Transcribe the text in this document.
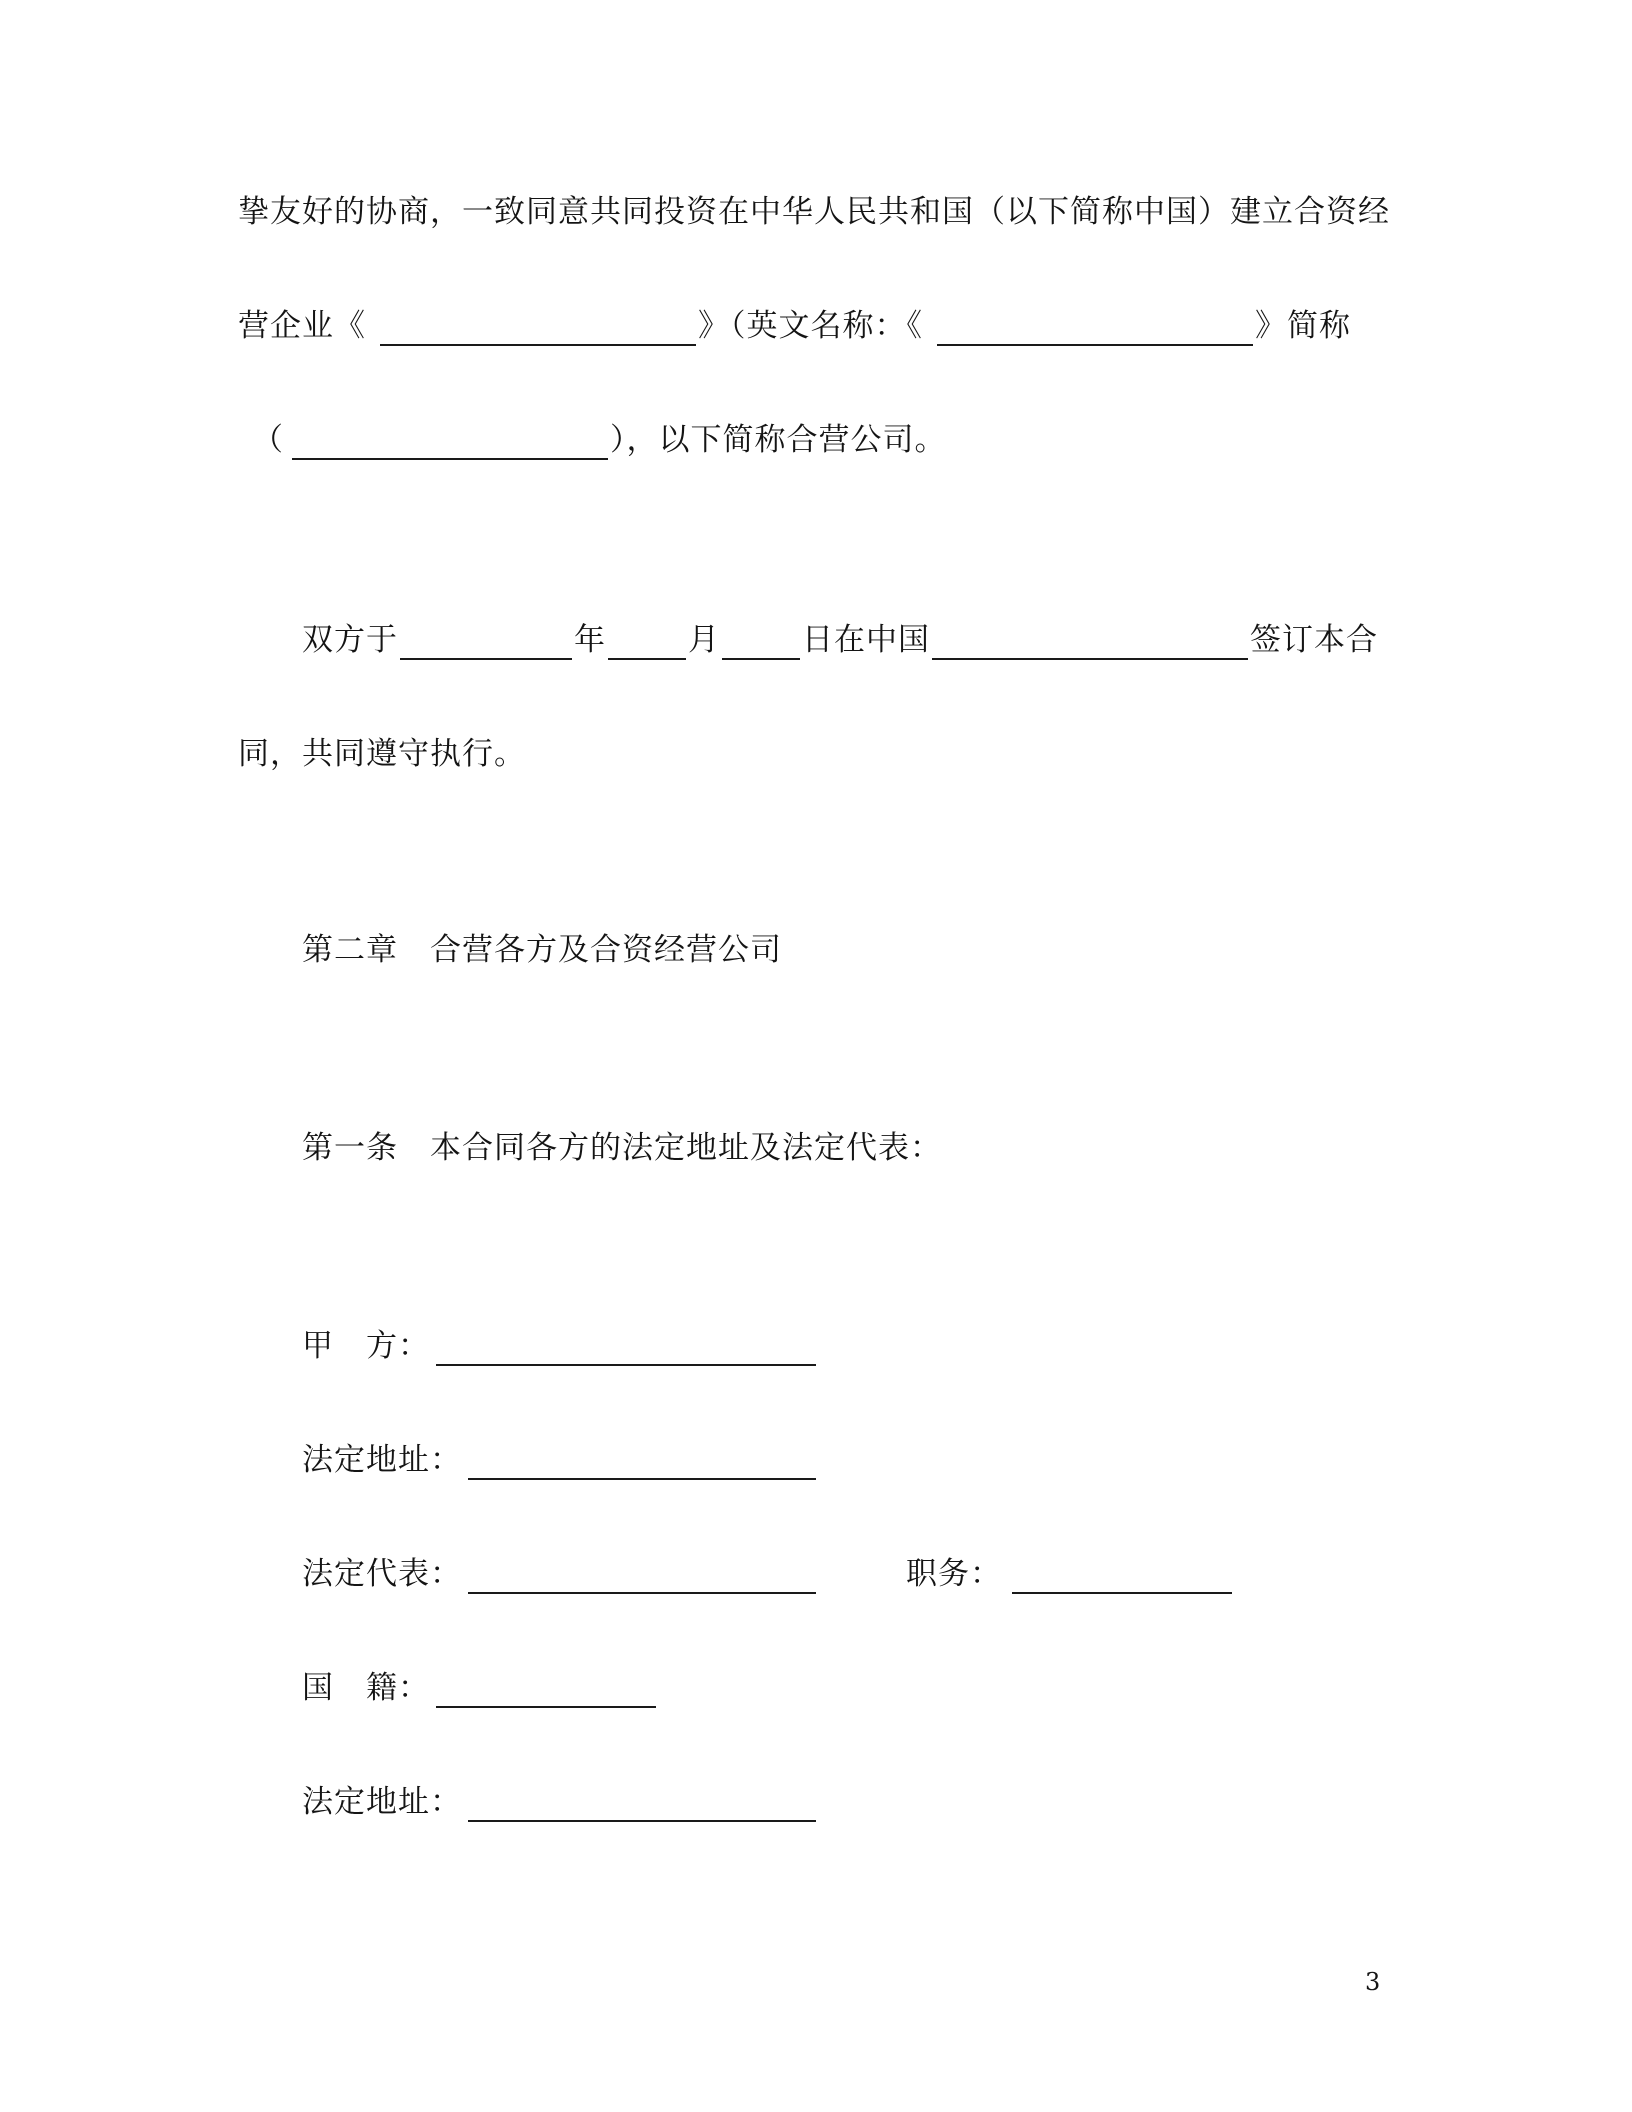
挚友好的协商，一致同意共同投资在中华人民共和国（以下简称中国）建立合资经
营企业《	》（英文名称：《	》简称
（	），以下简称合营公司。
双方于	年	月	日在中国	签订本合
同，共同遵守执行。
第二章　合营各方及合资经营公司
第一条　本合同各方的法定地址及法定代表：
甲　方：
法定地址：
法定代表：	职务：
国　籍：
法定地址：
3
